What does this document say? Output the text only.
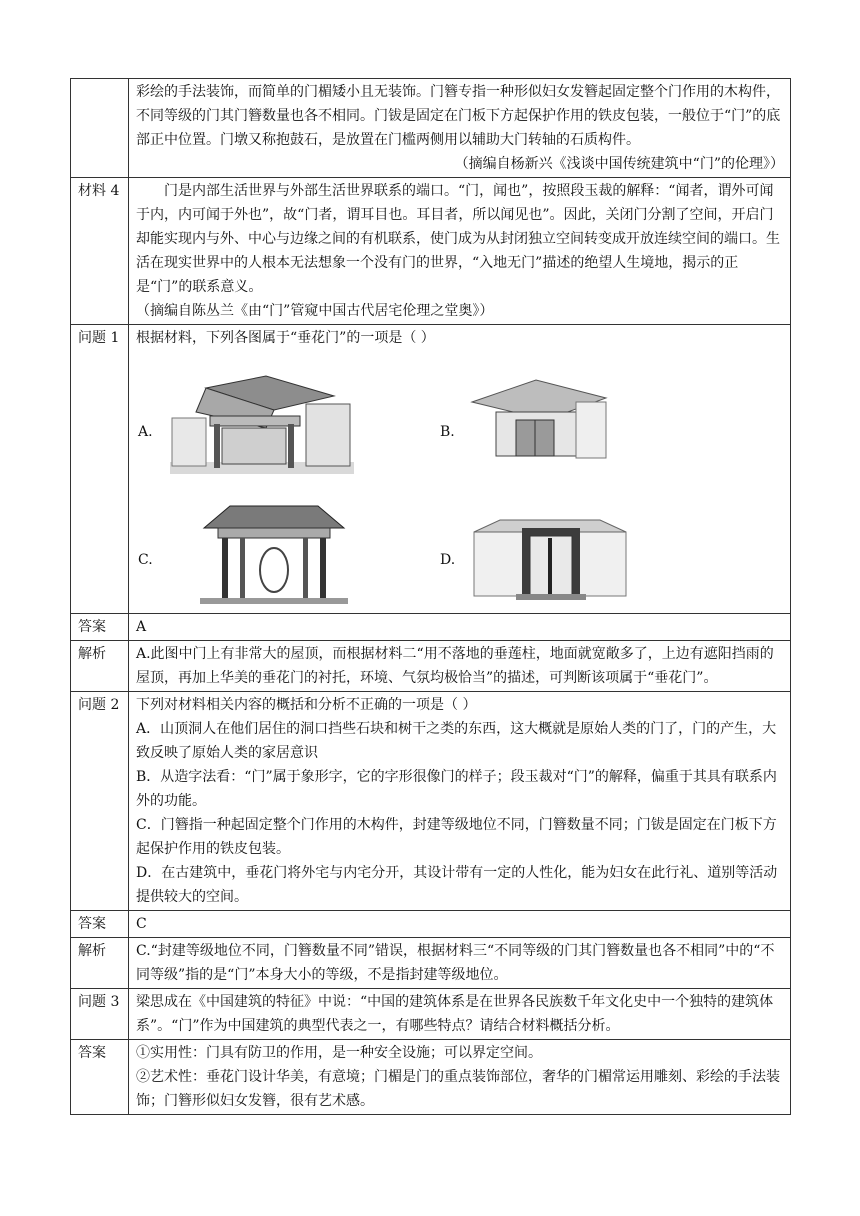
	彩绘的手法装饰，而简单的门楣矮小且无装饰。门簪专指一种形似妇女发簪起固定整个门作用的木构件，不同等级的门其门簪数量也各不相同。门钹是固定在门板下方起保护作用的铁皮包装，一般位于“门”的底部正中位置。门墩又称抱鼓石，是放置在门槛两侧用以辅助大门转轴的石质构件。

（摘编自杨新兴《浅谈中国传统建筑中“门”的伦理》）

材料 4	门是内部生活世界与外部生活世界联系的端口。“门，闻也”，按照段玉裁的解释：“闻者，谓外可闻于内，内可闻于外也”，故“门者，谓耳目也。耳目者，所以闻见也”。因此，关闭门分割了空间，开启门却能实现内与外、中心与边缘之间的有机联系，使门成为从封闭独立空间转变成开放连续空间的端口。生活在现实世界中的人根本无法想象一个没有门的世界，“入地无门”描述的绝望人生境地，揭示的正是“门”的联系意义。

（摘编自陈丛兰《由“门”管窥中国古代居宅伦理之堂奥》）

问题 1	根据材料，下列各图属于“垂花门”的一项是（ ）

A. B.
C. D.

答案	A
解析	A.此图中门上有非常大的屋顶，而根据材料二“用不落地的垂莲柱，地面就宽敞多了，上边有遮阳挡雨的屋顶，再加上华美的垂花门的衬托，环境、气氛均极恰当”的描述，可判断该项属于“垂花门”。
问题 2	下列对材料相关内容的概括和分析不正确的一项是（ ）

A．山顶洞人在他们居住的洞口挡些石块和树干之类的东西，这大概就是原始人类的门了，门的产生，大致反映了原始人类的家居意识

B．从造字法看：“门”属于象形字，它的字形很像门的样子；段玉裁对“门”的解释，偏重于其具有联系内外的功能。

C．门簪指一种起固定整个门作用的木构件，封建等级地位不同，门簪数量不同；门钹是固定在门板下方起保护作用的铁皮包装。

D．在古建筑中，垂花门将外宅与内宅分开，其设计带有一定的人性化，能为妇女在此行礼、道别等活动提供较大的空间。

答案	C
解析	C.“封建等级地位不同，门簪数量不同”错误，根据材料三“不同等级的门其门簪数量也各不相同”中的“不同等级”指的是“门”本身大小的等级，不是指封建等级地位。
问题 3	梁思成在《中国建筑的特征》中说：“中国的建筑体系是在世界各民族数千年文化史中一个独特的建筑体系”。“门”作为中国建筑的典型代表之一，有哪些特点？请结合材料概括分析。
答案	①实用性：门具有防卫的作用，是一种安全设施；可以界定空间。

②艺术性：垂花门设计华美，有意境；门楣是门的重点装饰部位，奢华的门楣常运用雕刻、彩绘的手法装饰；门簪形似妇女发簪，很有艺术感。
